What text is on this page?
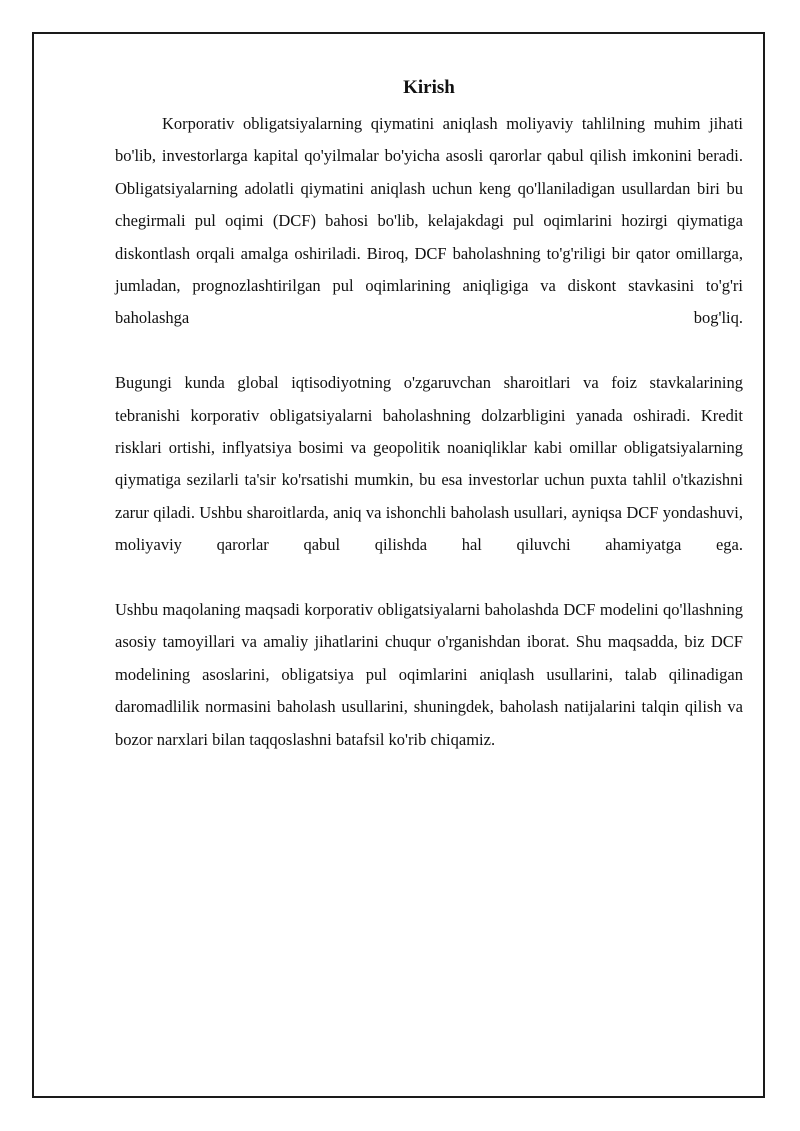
Kirish

Korporativ obligatsiyalarning qiymatini aniqlash moliyaviy tahlilning muhim jihati bo'lib, investorlarga kapital qo'yilmalar bo'yicha asosli qarorlar qabul qilish imkonini beradi. Obligatsiyalarning adolatli qiymatini aniqlash uchun keng qo'llaniladigan usullardan biri bu chegirmali pul oqimi (DCF) bahosi bo'lib, kelajakdagi pul oqimlarini hozirgi qiymatiga diskontlash orqali amalga oshiriladi. Biroq, DCF baholashning to'g'riligi bir qator omillarga, jumladan, prognozlashtirilgan pul oqimlarining aniqligiga va diskont stavkasini to'g'ri baholashga bog'liq.

Bugungi kunda global iqtisodiyotning o'zgaruvchan sharoitlari va foiz stavkalarining tebranishi korporativ obligatsiyalarni baholashning dolzarbligini yanada oshiradi. Kredit risklari ortishi, inflyatsiya bosimi va geopolitik noaniqliklar kabi omillar obligatsiyalarning qiymatiga sezilarli ta'sir ko'rsatishi mumkin, bu esa investorlar uchun puxta tahlil o'tkazishni zarur qiladi. Ushbu sharoitlarda, aniq va ishonchli baholash usullari, ayniqsa DCF yondashuvi, moliyaviy qarorlar qabul qilishda hal qiluvchi ahamiyatga ega.

Ushbu maqolaning maqsadi korporativ obligatsiyalarni baholashda DCF modelini qo'llashning asosiy tamoyillari va amaliy jihatlarini chuqur o'rganishdan iborat. Shu maqsadda, biz DCF modelining asoslarini, obligatsiya pul oqimlarini aniqlash usullarini, talab qilinadigan daromadlilik normasini baholash usullarini, shuningdek, baholash natijalarini talqin qilish va bozor narxlari bilan taqqoslashni batafsil ko'rib chiqamiz.
